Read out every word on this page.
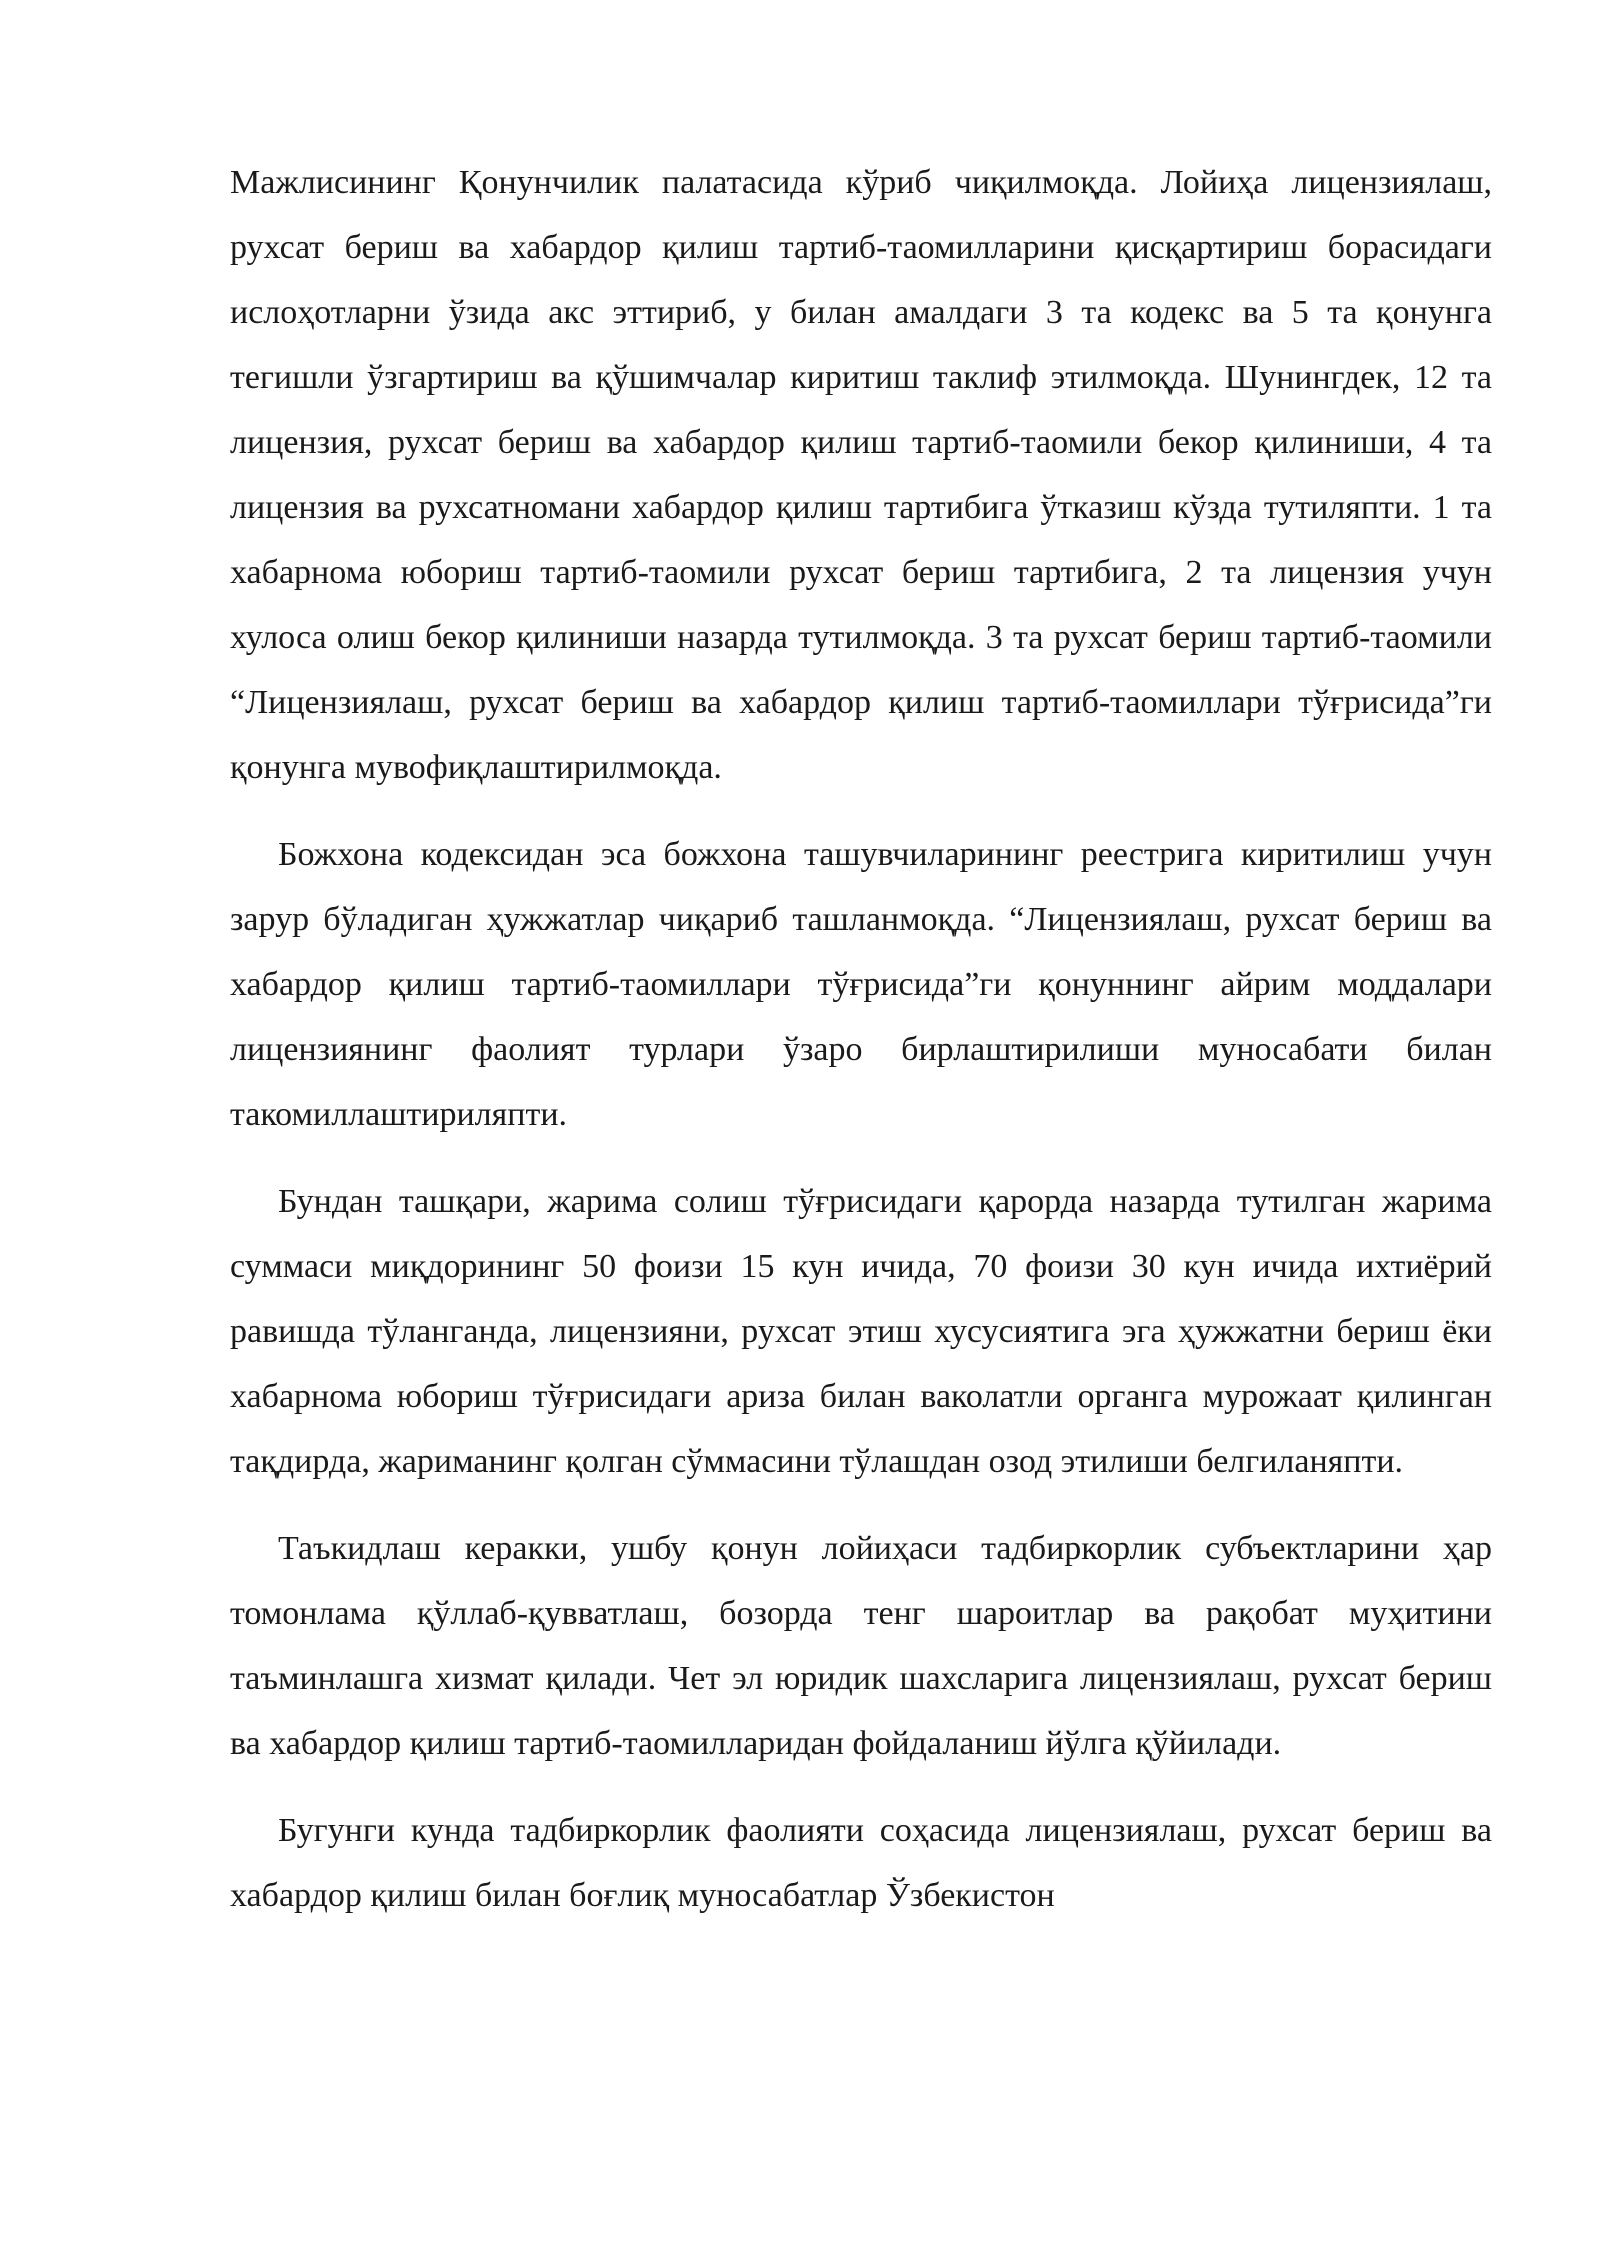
Мажлисининг Қонунчилик палатасида кўриб чиқилмоқда. Лойиҳа лицензиялаш, рухсат бериш ва хабардор қилиш тартиб-таомилларини қисқартириш борасидаги ислоҳотларни ўзида акс эттириб, у билан амалдаги 3 та кодекс ва 5 та қонунга тегишли ўзгартириш ва қўшимчалар киритиш таклиф этилмоқда. Шунингдек, 12 та лицензия, рухсат бериш ва хабардор қилиш тартиб-таомили бекор қилиниши, 4 та лицензия ва рухсатномани хабардор қилиш тартибига ўтказиш кўзда тутиляпти. 1 та хабарнома юбориш тартиб-таомили рухсат бериш тартибига, 2 та лицензия учун хулоса олиш бекор қилиниши назарда тутилмоқда. 3 та рухсат бериш тартиб-таомили “Лицензиялаш, рухсат бериш ва хабардор қилиш тартиб-таомиллари тўғрисида”ги қонунга мувофиқлаштирилмоқда.

Божхона кодексидан эса божхона ташувчиларининг реестрига киритилиш учун зарур бўладиган ҳужжатлар чиқариб ташланмоқда. “Лицензиялаш, рухсат бериш ва хабардор қилиш тартиб-таомиллари тўғрисида”ги қонуннинг айрим моддалари лицензиянинг фаолият турлари ўзаро бирлаштирилиши муносабати билан такомиллаштириляпти.

Бундан ташқари, жарима солиш тўғрисидаги қарорда назарда тутилган жарима суммаси миқдорининг 50 фоизи 15 кун ичида, 70 фоизи 30 кун ичида ихтиёрий равишда тўланганда, лицензияни, рухсат этиш хусусиятига эга ҳужжатни бериш ёки хабарнома юбориш тўғрисидаги ариза билан ваколатли органга мурожаат қилинган тақдирда, жариманинг қолган сўммасини тўлашдан озод этилиши белгиланяпти.

Таъкидлаш керакки, ушбу қонун лойиҳаси тадбиркорлик субъектларини ҳар томонлама қўллаб-қувватлаш, бозорда тенг шароитлар ва рақобат муҳитини таъминлашга хизмат қилади. Чет эл юридик шахсларига лицензиялаш, рухсат бериш ва хабардор қилиш тартиб-таомилларидан фойдаланиш йўлга қўйилади.

Бугунги кунда тадбиркорлик фаолияти соҳасида лицензиялаш, рухсат бериш ва хабардор қилиш билан боғлиқ муносабатлар Ўзбекистон
